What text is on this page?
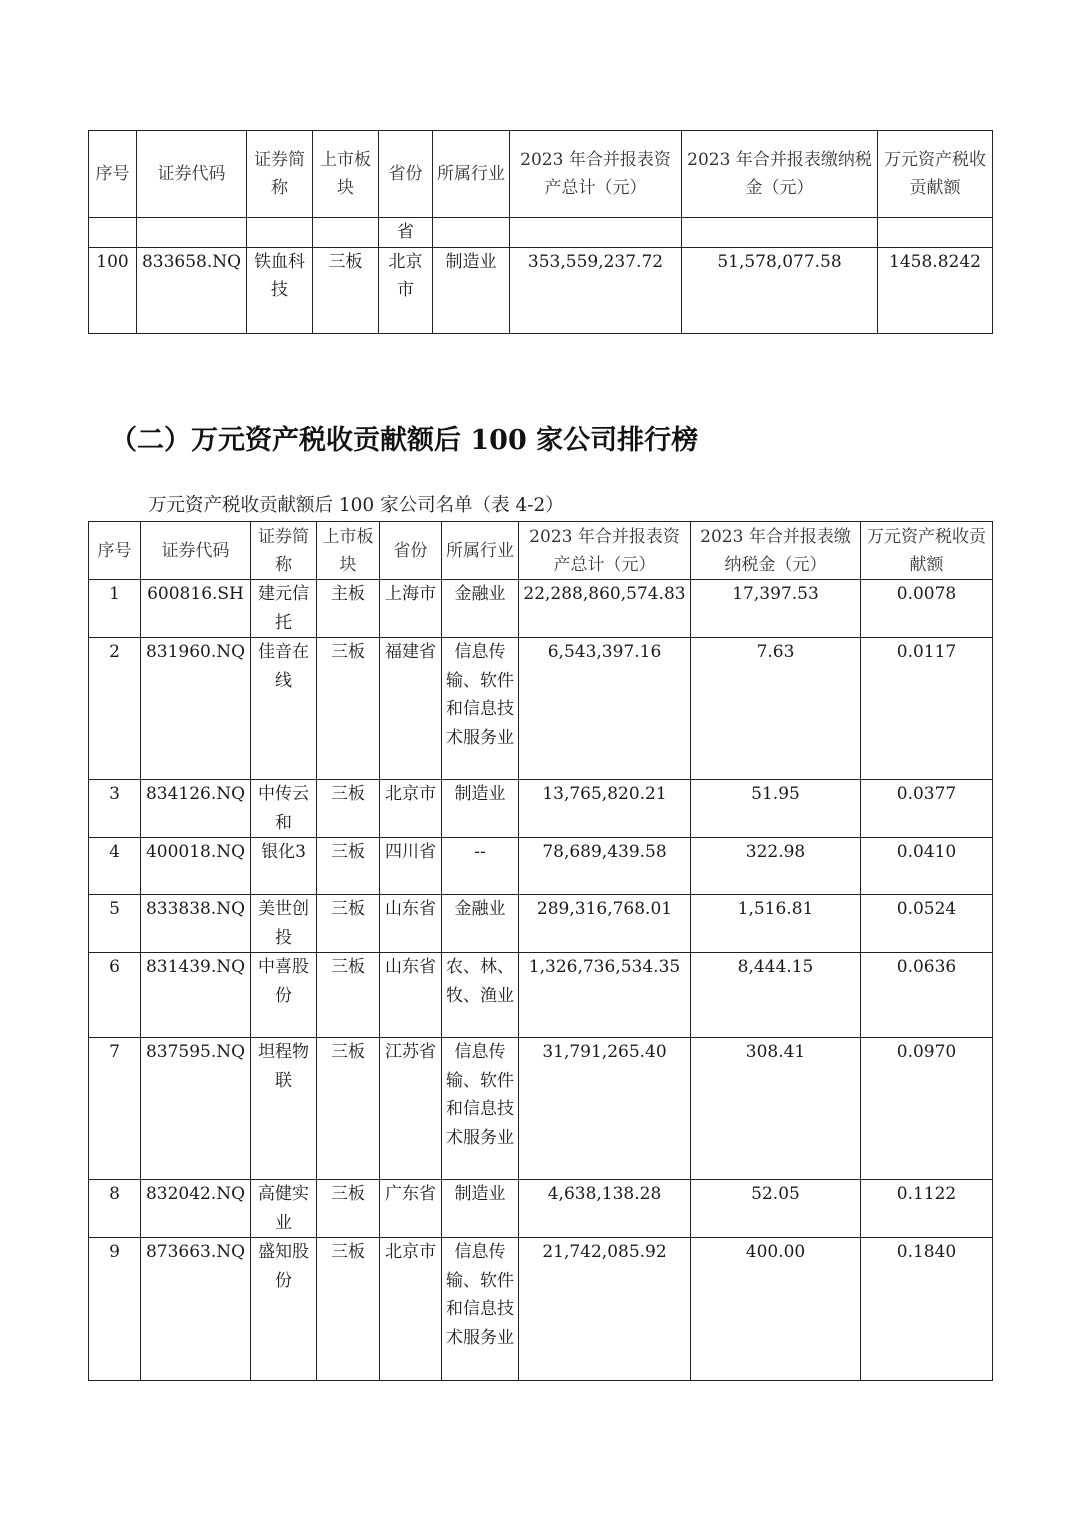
序号	证券代码	证券简称	上市板块	省份	所属行业	2023 年合并报表资产总计（元）	2023 年合并报表缴纳税金（元）	万元资产税收贡献额
				省				
100	833658.NQ	铁血科技	三板	北京市	制造业	353,559,237.72	51,578,077.58	1458.8242
（二）万元资产税收贡献额后 100 家公司排行榜

万元资产税收贡献额后 100 家公司名单（表 4-2）

序号	证券代码	证券简称	上市板块	省份	所属行业	2023 年合并报表资产总计（元）	2023 年合并报表缴纳税金（元）	万元资产税收贡献额
1	600816.SH	建元信托	主板	上海市	金融业	22,288,860,574.83	17,397.53	0.0078
2	831960.NQ	佳音在线	三板	福建省	信息传输、软件和信息技术服务业	6,543,397.16	7.63	0.0117
3	834126.NQ	中传云和	三板	北京市	制造业	13,765,820.21	51.95	0.0377
4	400018.NQ	银化3	三板	四川省	--	78,689,439.58	322.98	0.0410
5	833838.NQ	美世创投	三板	山东省	金融业	289,316,768.01	1,516.81	0.0524
6	831439.NQ	中喜股份	三板	山东省	农、林、牧、渔业	1,326,736,534.35	8,444.15	0.0636
7	837595.NQ	坦程物联	三板	江苏省	信息传输、软件和信息技术服务业	31,791,265.40	308.41	0.0970
8	832042.NQ	高健实业	三板	广东省	制造业	4,638,138.28	52.05	0.1122
9	873663.NQ	盛知股份	三板	北京市	信息传输、软件和信息技术服务业	21,742,085.92	400.00	0.1840
